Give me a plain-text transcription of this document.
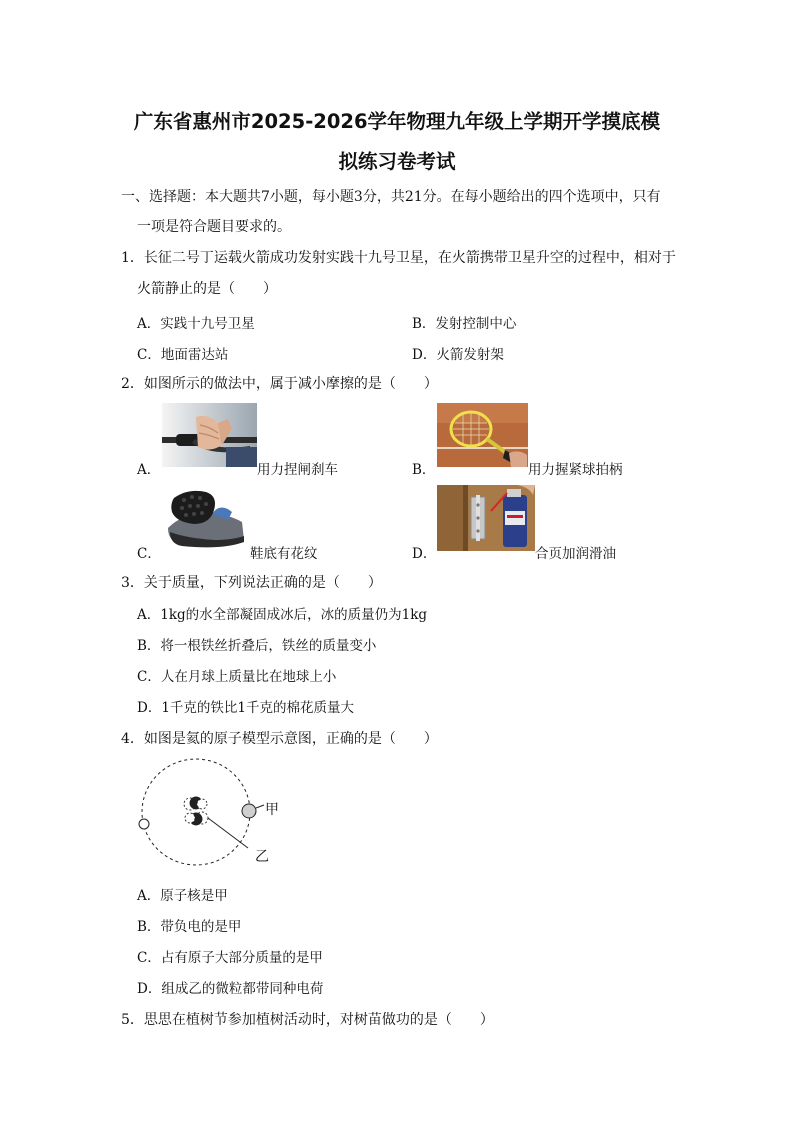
广东省惠州市2025-2026学年物理九年级上学期开学摸底模
拟练习卷考试
一、选择题：本大题共7小题，每小题3分，共21分。在每小题给出的四个选项中，只有
一项是符合题目要求的。
1．长征二号丁运载火箭成功发射实践十九号卫星，在火箭携带卫星升空的过程中，相对于
火箭静止的是（　　）
A．实践十九号卫星	B．发射控制中心
C．地面雷达站	D．火箭发射架
2．如图所示的做法中，属于减小摩擦的是（　　）
A．	用力捏闸刹车	B．	用力握紧球拍柄
C．	鞋底有花纹	D．	合页加润滑油
3．关于质量，下列说法正确的是（　　）
A．1kg的水全部凝固成冰后，冰的质量仍为1kg
B．将一根铁丝折叠后，铁丝的质量变小
C．人在月球上质量比在地球上小
D．1千克的铁比1千克的棉花质量大
4．如图是氦的原子模型示意图，正确的是（　　）
甲
乙
A．原子核是甲
B．带负电的是甲
C．占有原子大部分质量的是甲
D．组成乙的微粒都带同种电荷
5．思思在植树节参加植树活动时，对树苗做功的是（　　）
